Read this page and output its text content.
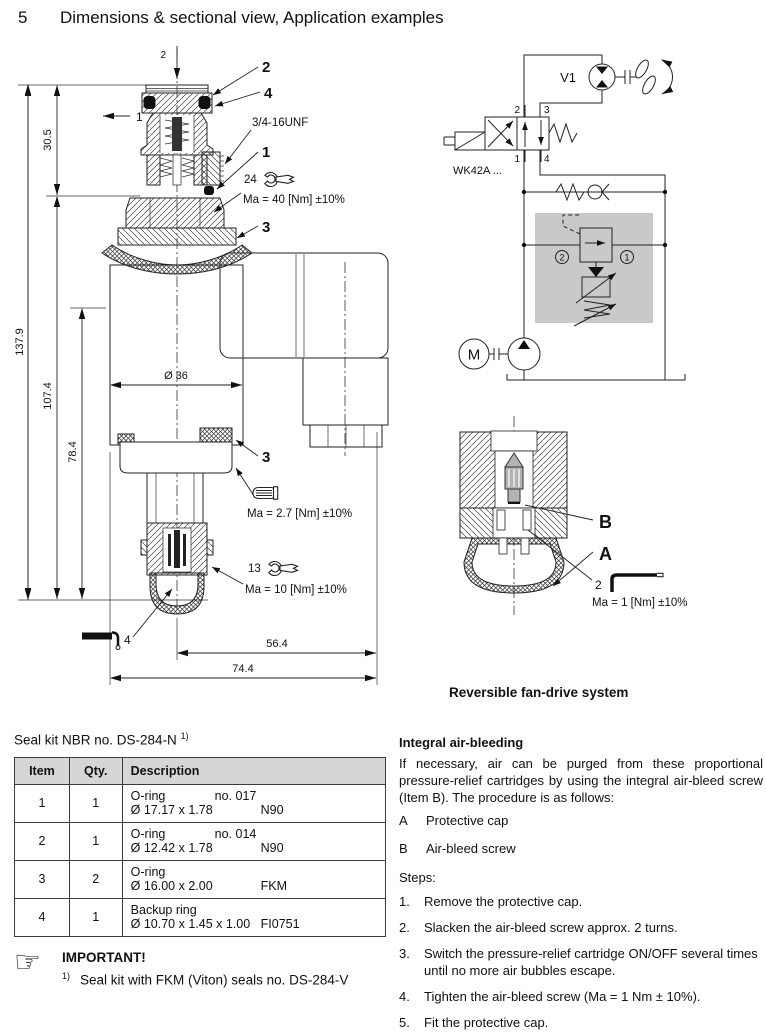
5 Dimensions & sectional view, Application examples
137.9
30.5
107.4
78.4
Ø 36
56.4
74.4
2
1
2
4
3/4-16UNF
1
24
Ma = 40 [Nm] ±10%
3
3
Ma = 2.7 [Nm] ±10%
13
Ma = 10 [Nm] ±10%
4
V1
2 3
1 4
WK42A ...
2	1
M
B
A
2
Ma = 1 [Nm] ±10%
Reversible fan-drive system
Seal kit NBR no. DS-284-N $^{1)}$
Item	Qty.	Description
1	1	O-ring no. 017Ø 17.17 x 1.78 N90
2	1	O-ring no. 014Ø 12.42 x 1.78 N90
3	2	O-ringØ 16.00 x 2.00 FKM
4	1	Backup ringØ 10.70 x 1.45 x 1.00 FI0751
☞	IMPORTANT!
$^{1)}$ Seal kit with FKM (Viton) seals no. DS-284-V
Integral air-bleeding

If necessary, air can be purged from these proportional pressure-relief cartridges by using the integral air-bleed screw (Item B). The procedure is as follows:

A	Protective cap
B	Air-bleed screw
Steps:
1.	Remove the protective cap.
2.	Slacken the air-bleed screw approx. 2 turns.
3.	Switch the pressure-relief cartridge ON/OFF several times until no more air bubbles escape.
4.	Tighten the air-bleed screw (Ma = 1 Nm ± 10%).
5.	Fit the protective cap.
